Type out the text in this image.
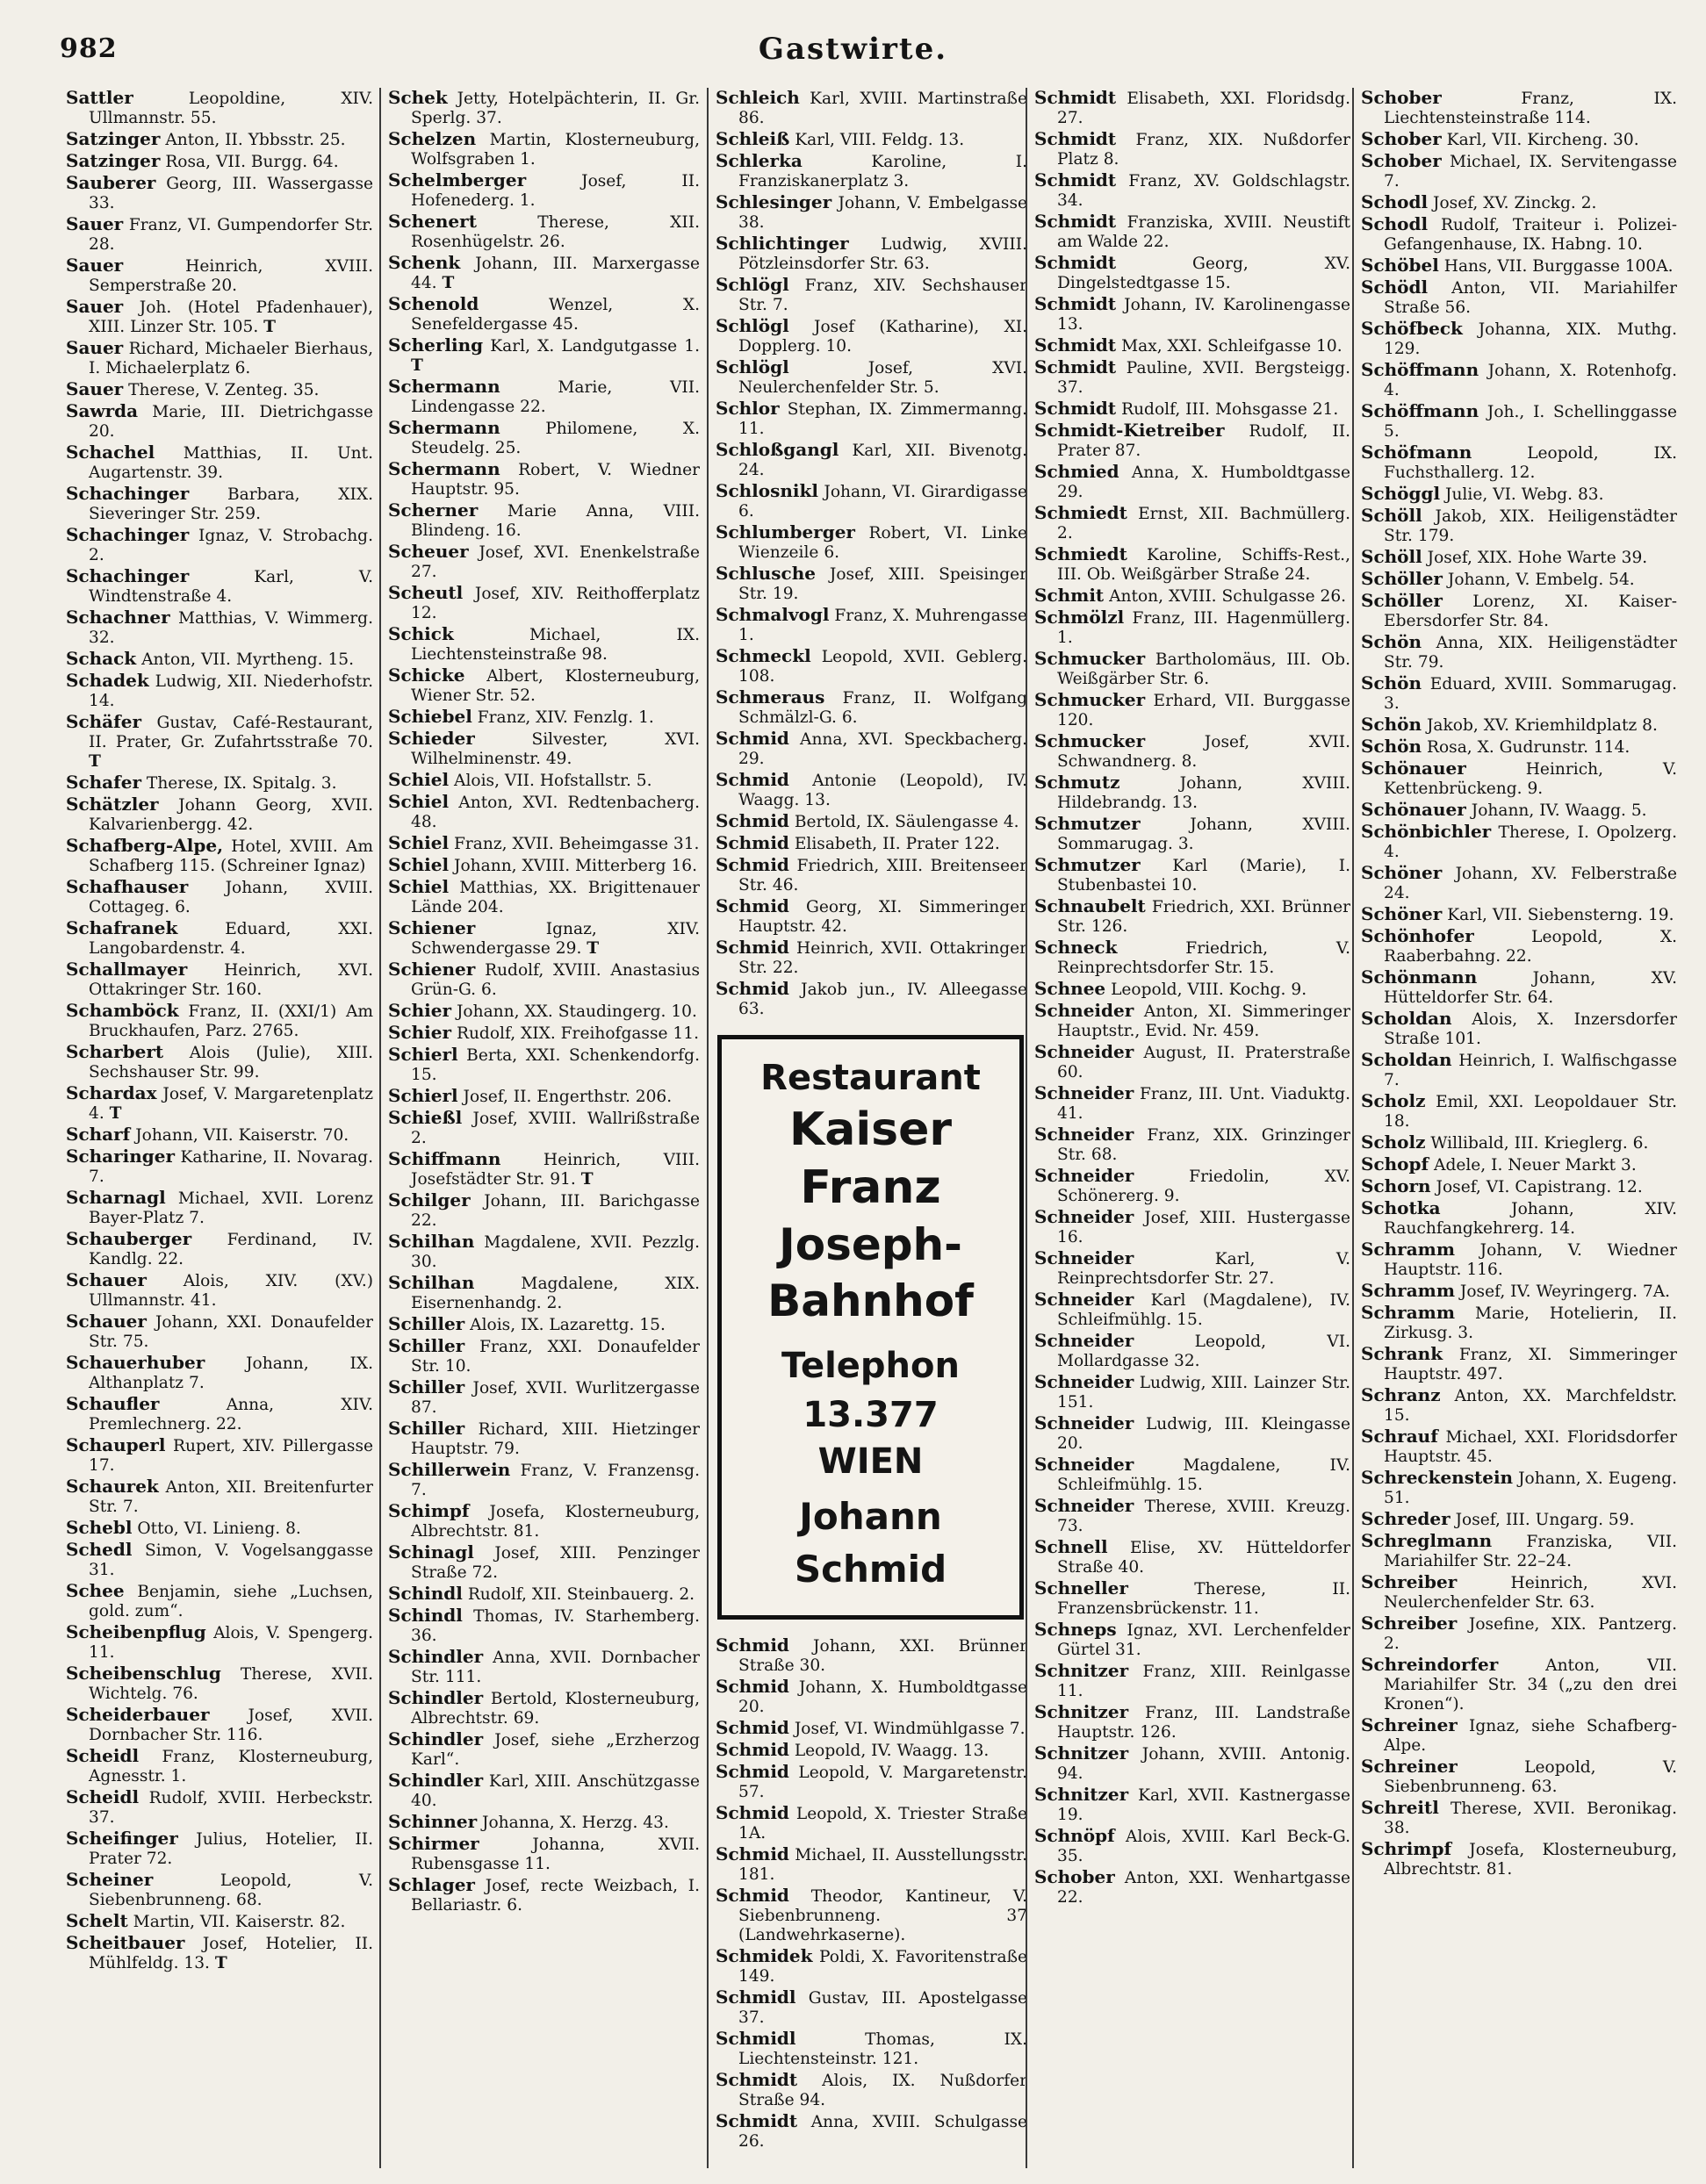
982	Gastwirte.
Sattler	Leopoldine, XIV. Ullmannstr. 55.
Satzinger Anton, II. Ybbsstr. 25.
Satzinger Rosa, VII. Burgg. 64.
Sauberer Georg, III. Wassergasse 33.
Sauer Franz, VI. Gumpendorfer Str. 28.
Sauer	Heinrich, XVIII. Semperstraße 20.
Sauer Joh. (Hotel Pfadenhauer), XIII. Linzer Str. 105. T
Sauer Richard, Michaeler Bierhaus, I. Michaelerplatz 6.
Sauer Therese, V. Zenteg. 35.
Sawrda Marie, III. Dietrichgasse 20.
Schachel Matthias, II. Unt. Augartenstr. 39.
Schachinger Barbara, XIX. Sieveringer Str. 259.
Schachinger Ignaz, V. Strobachg. 2.
Schachinger	Karl, V. Windtenstraße 4.
Schachner Matthias, V. Wimmerg. 32.
Schack Anton, VII. Myrtheng. 15.
Schadek Ludwig, XII. Niederhofstr. 14.
Schäfer Gustav, Café-Restaurant, II. Prater, Gr. Zufahrtsstraße 70. T
Schafer Therese, IX. Spitalg. 3.
Schätzler Johann Georg, XVII. Kalvarienbergg. 42.
Schafberg-Alpe, Hotel, XVIII. Am Schafberg 115. (Schreiner Ignaz)
Schafhauser Johann, XVIII. Cottageg. 6.
Schafranek	Eduard, XXI. Langobardenstr. 4.
Schallmayer Heinrich, XVI. Ottakringer Str. 160.
Schamböck Franz, II. (XXI/1) Am Bruckhaufen, Parz. 2765.
Scharbert Alois (Julie), XIII. Sechshauser Str. 99.
Schardax Josef, V. Margaretenplatz 4. T
Scharf Johann, VII. Kaiserstr. 70.
Scharinger Katharine, II. Novarag. 7.
Scharnagl Michael, XVII. Lorenz Bayer-Platz 7.
Schauberger Ferdinand, IV. Kandlg. 22.
Schauer Alois, XIV. (XV.) Ullmannstr. 41.
Schauer Johann, XXI. Donaufelder Str. 75.
Schauerhuber	Johann, IX. Althanplatz 7.
Schaufler	Anna, XIV. Premlechnerg. 22.
Schauperl Rupert, XIV. Pillergasse 17.
Schaurek Anton, XII. Breitenfurter Str. 7.
Schebl Otto, VI. Linieng. 8.
Schedl Simon, V. Vogelsanggasse 31.
Schee Benjamin, siehe „Luchsen, gold. zum“.
Scheibenpflug Alois, V. Spengerg. 11.
Scheibenschlug Therese, XVII. Wichtelg. 76.
Scheiderbauer Josef, XVII. Dornbacher Str. 116.
Scheidl Franz, Klosterneuburg, Agnesstr. 1.
Scheidl Rudolf, XVIII. Herbeckstr. 37.
Scheifinger Julius, Hotelier, II. Prater 72.
Scheiner	Leopold, V. Siebenbrunneng. 68.
Schelt Martin, VII. Kaiserstr. 82.
Scheitbauer Josef, Hotelier, II. Mühlfeldg. 13. T
Schek Jetty, Hotelpächterin, II. Gr. Sperlg. 37.
Schelzen Martin, Klosterneuburg, Wolfsgraben 1.
Schelmberger	Josef, II. Hofenederg. 1.
Schenert	Therese, XII. Rosenhügelstr. 26.
Schenk Johann, III. Marxergasse 44. T
Schenold	Wenzel, X. Senefeldergasse 45.
Scherling Karl, X. Landgutgasse 1. T
Schermann	Marie, VII. Lindengasse 22.
Schermann	Philomene, X. Steudelg. 25.
Schermann Robert, V. Wiedner Hauptstr. 95.
Scherner Marie Anna, VIII. Blindeng. 16.
Scheuer Josef, XVI. Enenkelstraße 27.
Scheutl Josef, XIV. Reithofferplatz 12.
Schick	Michael, IX. Liechtensteinstraße 98.
Schicke Albert, Klosterneuburg, Wiener Str. 52.
Schiebel Franz, XIV. Fenzlg. 1.
Schieder	Silvester, XVI. Wilhelminenstr. 49.
Schiel Alois, VII. Hofstallstr. 5.
Schiel Anton, XVI. Redtenbacherg. 48.
Schiel Franz, XVII. Beheimgasse 31.
Schiel Johann, XVIII. Mitterberg 16.
Schiel Matthias, XX. Brigittenauer Lände 204.
Schiener	Ignaz, XIV. Schwendergasse 29. T
Schiener Rudolf, XVIII. Anastasius Grün-G. 6.
Schier Johann, XX. Staudingerg. 10.
Schier Rudolf, XIX. Freihofgasse 11.
Schierl Berta, XXI. Schenkendorfg. 15.
Schierl Josef, II. Engerthstr. 206.
Schießl Josef, XVIII. Wallrißstraße 2.
Schiffmann	Heinrich, VIII. Josefstädter Str. 91. T
Schilger Johann, III. Barichgasse 22.
Schilhan Magdalene, XVII. Pezzlg. 30.
Schilhan	Magdalene, XIX. Eisernenhandg. 2.
Schiller Alois, IX. Lazarettg. 15.
Schiller Franz, XXI. Donaufelder Str. 10.
Schiller Josef, XVII. Wurlitzergasse 87.
Schiller Richard, XIII. Hietzinger Hauptstr. 79.
Schillerwein Franz, V. Franzensg. 7.
Schimpf Josefa, Klosterneuburg, Albrechtstr. 81.
Schinagl Josef, XIII. Penzinger Straße 72.
Schindl Rudolf, XII. Steinbauerg. 2.
Schindl Thomas, IV. Starhemberg. 36.
Schindler Anna, XVII. Dornbacher Str. 111.
Schindler Bertold, Klosterneuburg, Albrechtstr. 69.
Schindler Josef, siehe „Erzherzog Karl“.
Schindler Karl, XIII. Anschützgasse 40.
Schinner Johanna, X. Herzg. 43.
Schirmer	Johanna, XVII. Rubensgasse 11.
Schlager Josef, recte Weizbach, I. Bellariastr. 6.
Schleich Karl, XVIII. Martinstraße 86.
Schleiß Karl, VIII. Feldg. 13.
Schlerka	Karoline, I. Franziskanerplatz 3.
Schlesinger Johann, V. Embelgasse 38.
Schlichtinger Ludwig, XVIII. Pötzleinsdorfer Str. 63.
Schlögl Franz, XIV. Sechshauser Str. 7.
Schlögl Josef (Katharine), XI. Dopplerg. 10.
Schlögl	Josef, XVI. Neulerchenfelder Str. 5.
Schlor Stephan, IX. Zimmermanng. 11.
Schloßgangl Karl, XII. Bivenotg. 24.
Schlosnikl Johann, VI. Girardigasse 6.
Schlumberger Robert, VI. Linke Wienzeile 6.
Schlusche Josef, XIII. Speisinger Str. 19.
Schmalvogl Franz, X. Muhrengasse 1.
Schmeckl Leopold, XVII. Geblerg. 108.
Schmeraus Franz, II. Wolfgang Schmälzl-G. 6.
Schmid Anna, XVI. Speckbacherg. 29.
Schmid Antonie (Leopold), IV. Waagg. 13.
Schmid Bertold, IX. Säulengasse 4.
Schmid Elisabeth, II. Prater 122.
Schmid Friedrich, XIII. Breitenseer Str. 46.
Schmid Georg, XI. Simmeringer Hauptstr. 42.
Schmid Heinrich, XVII. Ottakringer Str. 22.
Schmid Jakob jun., IV. Alleegasse 63.
Restaurant
Kaiser Franz
Joseph-Bahnhof
Telephon 13.377
WIEN
Johann Schmid
Schmid Johann, XXI. Brünner Straße 30.
Schmid Johann, X. Humboldtgasse 20.
Schmid Josef, VI. Windmühlgasse 7.
Schmid Leopold, IV. Waagg. 13.
Schmid Leopold, V. Margaretenstr. 57.
Schmid Leopold, X. Triester Straße 1A.
Schmid Michael, II. Ausstellungsstr. 181.
Schmid Theodor, Kantineur, V. Siebenbrunneng. 37 (Landwehrkaserne).
Schmidek Poldi, X. Favoritenstraße 149.
Schmidl Gustav, III. Apostelgasse 37.
Schmidl	Thomas, IX. Liechtensteinstr. 121.
Schmidt Alois, IX. Nußdorfer Straße 94.
Schmidt Anna, XVIII. Schulgasse 26.
Schmidt Elisabeth, XXI. Floridsdg. 27.
Schmidt Franz, XIX. Nußdorfer Platz 8.
Schmidt Franz, XV. Goldschlagstr. 34.
Schmidt Franziska, XVIII. Neustift am Walde 22.
Schmidt	Georg, XV. Dingelstedtgasse 15.
Schmidt Johann, IV. Karolinengasse 13.
Schmidt Max, XXI. Schleifgasse 10.
Schmidt Pauline, XVII. Bergsteigg. 37.
Schmidt Rudolf, III. Mohsgasse 21.
Schmidt-Kietreiber Rudolf, II. Prater 87.
Schmied Anna, X. Humboldtgasse 29.
Schmiedt Ernst, XII. Bachmüllerg. 2.
Schmiedt Karoline, Schiffs-Rest., III. Ob. Weißgärber Straße 24.
Schmit Anton, XVIII. Schulgasse 26.
Schmölzl Franz, III. Hagenmüllerg. 1.
Schmucker Bartholomäus, III. Ob. Weißgärber Str. 6.
Schmucker Erhard, VII. Burggasse 120.
Schmucker	Josef, XVII. Schwandnerg. 8.
Schmutz	Johann, XVIII. Hildebrandg. 13.
Schmutzer	Johann, XVIII. Sommarugag. 3.
Schmutzer Karl (Marie), I. Stubenbastei 10.
Schnaubelt Friedrich, XXI. Brünner Str. 126.
Schneck	Friedrich, V. Reinprechtsdorfer Str. 15.
Schnee Leopold, VIII. Kochg. 9.
Schneider Anton, XI. Simmeringer Hauptstr., Evid. Nr. 459.
Schneider August, II. Praterstraße 60.
Schneider Franz, III. Unt. Viaduktg. 41.
Schneider Franz, XIX. Grinzinger Str. 68.
Schneider	Friedolin, XV. Schönererg. 9.
Schneider Josef, XIII. Hustergasse 16.
Schneider	Karl, V. Reinprechtsdorfer Str. 27.
Schneider Karl (Magdalene), IV. Schleifmühlg. 15.
Schneider	Leopold, VI. Mollardgasse 32.
Schneider Ludwig, XIII. Lainzer Str. 151.
Schneider Ludwig, III. Kleingasse 20.
Schneider	Magdalene, IV. Schleifmühlg. 15.
Schneider Therese, XVIII. Kreuzg. 73.
Schnell Elise, XV. Hütteldorfer Straße 40.
Schneller	Therese, II. Franzensbrückenstr. 11.
Schneps Ignaz, XVI. Lerchenfelder Gürtel 31.
Schnitzer Franz, XIII. Reinlgasse 11.
Schnitzer Franz, III. Landstraße Hauptstr. 126.
Schnitzer Johann, XVIII. Antonig. 94.
Schnitzer Karl, XVII. Kastnergasse 19.
Schnöpf Alois, XVIII. Karl Beck-G. 35.
Schober Anton, XXI. Wenhartgasse 22.
Schober	Franz, IX. Liechtensteinstraße 114.
Schober Karl, VII. Kircheng. 30.
Schober Michael, IX. Servitengasse 7.
Schodl Josef, XV. Zinckg. 2.
Schodl Rudolf, Traiteur i. Polizei-Gefangenhause, IX. Habng. 10.
Schöbel Hans, VII. Burggasse 100A.
Schödl Anton, VII. Mariahilfer Straße 56.
Schöfbeck Johanna, XIX. Muthg. 129.
Schöffmann Johann, X. Rotenhofg. 4.
Schöffmann Joh., I. Schellinggasse 5.
Schöfmann	Leopold, IX. Fuchsthallerg. 12.
Schöggl Julie, VI. Webg. 83.
Schöll Jakob, XIX. Heiligenstädter Str. 179.
Schöll Josef, XIX. Hohe Warte 39.
Schöller Johann, V. Embelg. 54.
Schöller Lorenz, XI. Kaiser-Ebersdorfer Str. 84.
Schön Anna, XIX. Heiligenstädter Str. 79.
Schön Eduard, XVIII. Sommarugag. 3.
Schön Jakob, XV. Kriemhildplatz 8.
Schön Rosa, X. Gudrunstr. 114.
Schönauer	Heinrich, V. Kettenbrückeng. 9.
Schönauer Johann, IV. Waagg. 5.
Schönbichler Therese, I. Opolzerg. 4.
Schöner Johann, XV. Felberstraße 24.
Schöner Karl, VII. Siebensterng. 19.
Schönhofer	Leopold, X. Raaberbahng. 22.
Schönmann	Johann, XV. Hütteldorfer Str. 64.
Scholdan Alois, X. Inzersdorfer Straße 101.
Scholdan Heinrich, I. Walfischgasse 7.
Scholz Emil, XXI. Leopoldauer Str. 18.
Scholz Willibald, III. Krieglerg. 6.
Schopf Adele, I. Neuer Markt 3.
Schorn Josef, VI. Capistrang. 12.
Schotka	Johann, XIV. Rauchfangkehrerg. 14.
Schramm Johann, V. Wiedner Hauptstr. 116.
Schramm Josef, IV. Weyringerg. 7A.
Schramm Marie, Hotelierin, II. Zirkusg. 3.
Schrank Franz, XI. Simmeringer Hauptstr. 497.
Schranz Anton, XX. Marchfeldstr. 15.
Schrauf Michael, XXI. Floridsdorfer Hauptstr. 45.
Schreckenstein Johann, X. Eugeng. 51.
Schreder Josef, III. Ungarg. 59.
Schreglmann Franziska, VII. Mariahilfer Str. 22–24.
Schreiber	Heinrich, XVI. Neulerchenfelder Str. 63.
Schreiber Josefine, XIX. Pantzerg. 2.
Schreindorfer	Anton, VII. Mariahilfer Str. 34 („zu den drei Kronen“).
Schreiner Ignaz, siehe Schafberg-Alpe.
Schreiner	Leopold, V. Siebenbrunneng. 63.
Schreitl Therese, XVII. Beronikag. 38.
Schrimpf Josefa, Klosterneuburg, Albrechtstr. 81.
